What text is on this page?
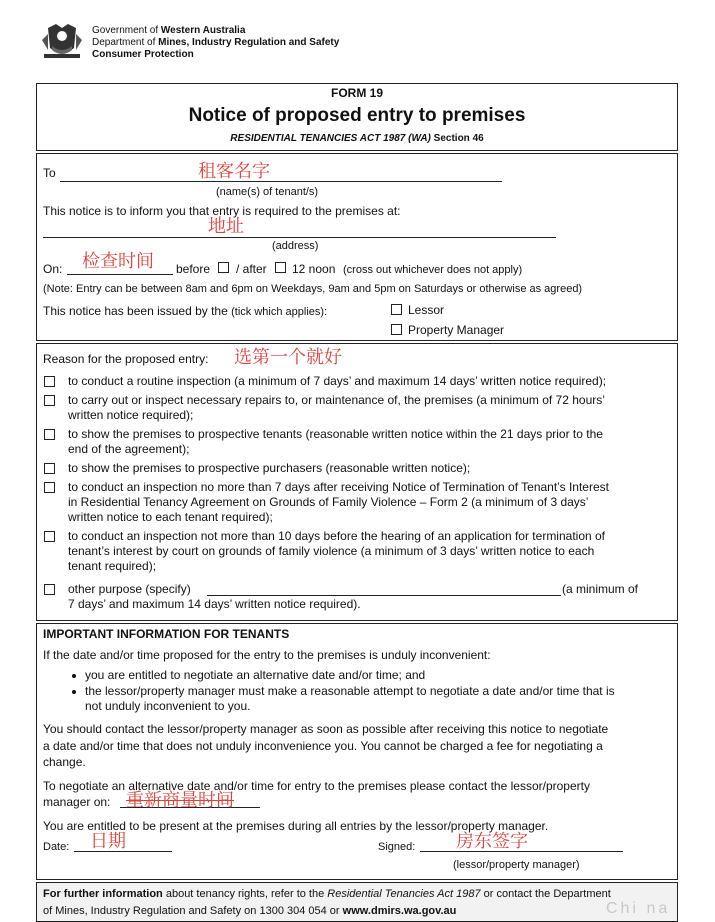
Government of Western Australia
Department of Mines, Industry Regulation and Safety
Consumer Protection
FORM 19
Notice of proposed entry to premises
RESIDENTIAL TENANCIES ACT 1987 (WA) Section 46
To	租客名字
(name(s) of tenant/s)
This notice is to inform you that entry is required to the premises at:
地址
(address)
On: 检查时间 before / after 12 noon (cross out whichever does not apply)
(Note: Entry can be between 8am and 6pm on Weekdays, 9am and 5pm on Saturdays or otherwise as agreed)
This notice has been issued by the (tick which applies):	Lessor
Property Manager
Reason for the proposed entry: 选第一个就好
to conduct a routine inspection (a minimum of 7 days’ and maximum 14 days’ written notice required);
to carry out or inspect necessary repairs to, or maintenance of, the premises (a minimum of 72 hours’
written notice required);
to show the premises to prospective tenants (reasonable written notice within the 21 days prior to the
end of the agreement);
to show the premises to prospective purchasers (reasonable written notice);
to conduct an inspection no more than 7 days after receiving Notice of Termination of Tenant’s Interest
in Residential Tenancy Agreement on Grounds of Family Violence – Form 2 (a minimum of 3 days’
written notice to each tenant required);
to conduct an inspection not more than 10 days before the hearing of an application for termination of
tenant’s interest by court on grounds of family violence (a minimum of 3 days’ written notice to each
tenant required);
other purpose (specify)	(a minimum of
7 days’ and maximum 14 days’ written notice required).
IMPORTANT INFORMATION FOR TENANTS
If the date and/or time proposed for the entry to the premises is unduly inconvenient:
you are entitled to negotiate an alternative date and/or time; and
the lessor/property manager must make a reasonable attempt to negotiate a date and/or time that is
not unduly inconvenient to you.
You should contact the lessor/property manager as soon as possible after receiving this notice to negotiate
a date and/or time that does not unduly inconvenience you. You cannot be charged a fee for negotiating a
change.
To negotiate an alternative date and/or time for entry to the premises please contact the lessor/property
manager on: 重新商量时间
You are entitled to be present at the premises during all entries by the lessor/property manager.
Date: 日期	Signed: 房东签字
(lessor/property manager)
For further information about tenancy rights, refer to the Residential Tenancies Act 1987 or contact the Department
of Mines, Industry Regulation and Safety on 1300 304 054 or www.dmirs.wa.gov.au	Chi na
